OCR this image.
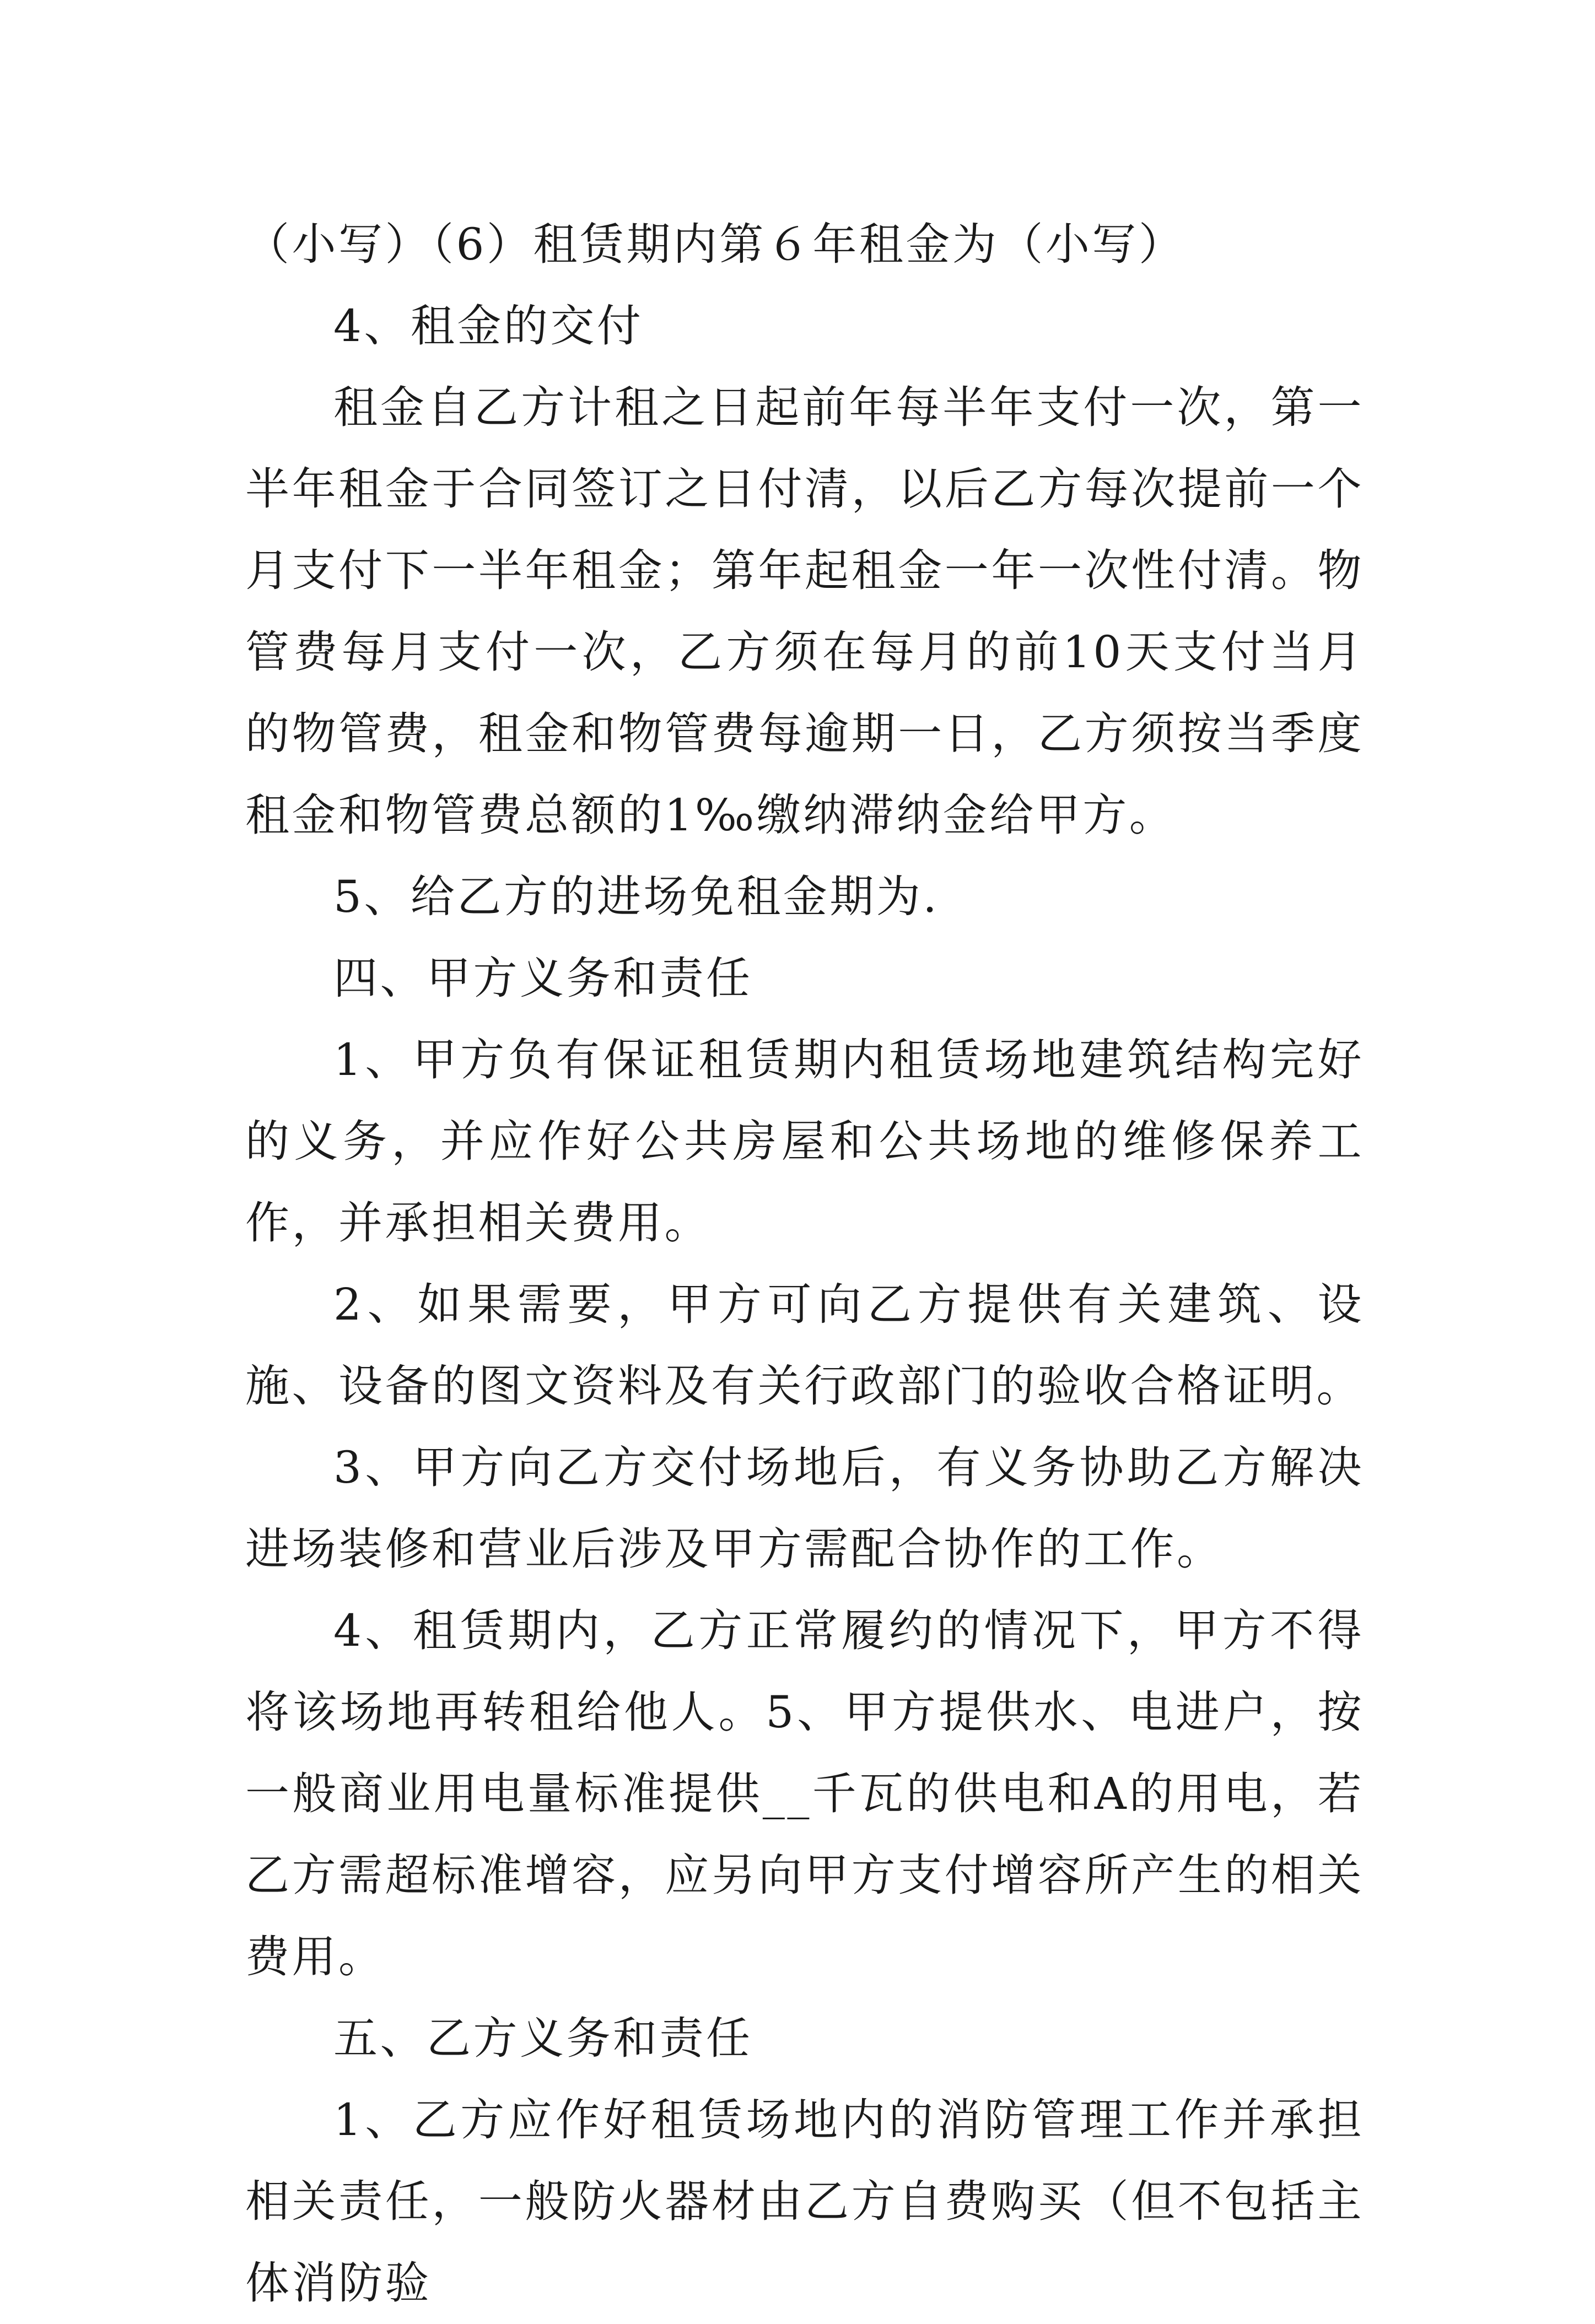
（小写）（6）租赁期内第６年租金为（小写）

4、租金的交付

租金自乙方计租之日起前年每半年支付一次，第一半年租金于合同签订之日付清，以后乙方每次提前一个月支付下一半年租金；第年起租金一年一次性付清。物管费每月支付一次，乙方须在每月的前10天支付当月的物管费，租金和物管费每逾期一日，乙方须按当季度租金和物管费总额的1‰缴纳滞纳金给甲方。

5、给乙方的进场免租金期为.

四、甲方义务和责任

1、甲方负有保证租赁期内租赁场地建筑结构完好的义务，并应作好公共房屋和公共场地的维修保养工作，并承担相关费用。

2、如果需要，甲方可向乙方提供有关建筑、设施、设备的图文资料及有关行政部门的验收合格证明。

3、甲方向乙方交付场地后，有义务协助乙方解决进场装修和营业后涉及甲方需配合协作的工作。

4、租赁期内，乙方正常履约的情况下，甲方不得将该场地再转租给他人。5、甲方提供水、电进户，按一般商业用电量标准提供__千瓦的供电和A的用电，若乙方需超标准增容，应另向甲方支付增容所产生的相关费用。

五、乙方义务和责任

1、乙方应作好租赁场地内的消防管理工作并承担相关责任，一般防火器材由乙方自费购买（但不包括主体消防验
